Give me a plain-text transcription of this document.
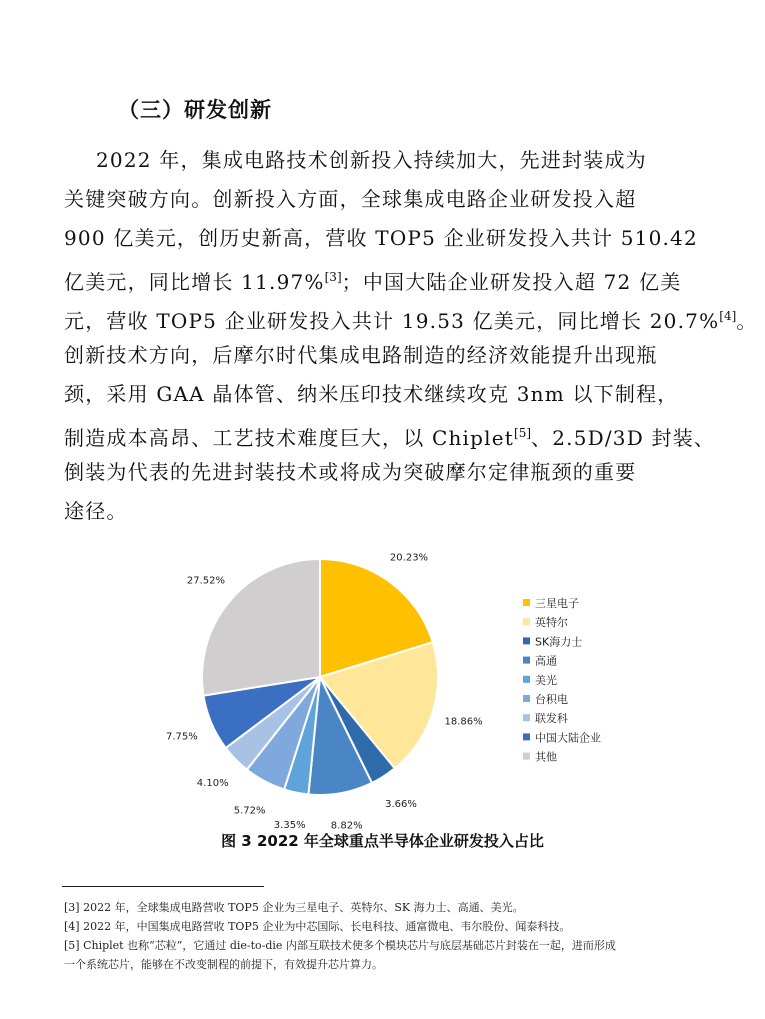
（三）研发创新
2022 年，集成电路技术创新投入持续加大，先进封装成为
关键突破方向。创新投入方面，全球集成电路企业研发投入超
900 亿美元，创历史新高，营收 TOP5 企业研发投入共计 510.42
亿美元，同比增长 11.97%[3]；中国大陆企业研发投入超 72 亿美
元，营收 TOP5 企业研发投入共计 19.53 亿美元，同比增长 20.7%[4]。
创新技术方向，后摩尔时代集成电路制造的经济效能提升出现瓶
颈，采用 GAA 晶体管、纳米压印技术继续攻克 3nm 以下制程，
制造成本高昂、工艺技术难度巨大，以 Chiplet[5]、2.5D/3D 封装、
倒装为代表的先进封装技术或将成为突破摩尔定律瓶颈的重要
途径。
20.23%
18.86%
3.66%
8.82%
3.35%
5.72%
4.10%
7.75%
27.52%
三星电子
英特尔
SK海力士
高通
美光
台积电
联发科
中国大陆企业
其他
图 3 2022 年全球重点半导体企业研发投入占比
[3] 2022 年，全球集成电路营收 TOP5 企业为三星电子、英特尔、SK 海力士、高通、美光。
[4] 2022 年，中国集成电路营收 TOP5 企业为中芯国际、长电科技、通富微电、韦尔股份、闻泰科技。
[5] Chiplet 也称“芯粒”，它通过 die-to-die 内部互联技术使多个模块芯片与底层基础芯片封装在一起，进而形成
一个系统芯片，能够在不改变制程的前提下，有效提升芯片算力。
